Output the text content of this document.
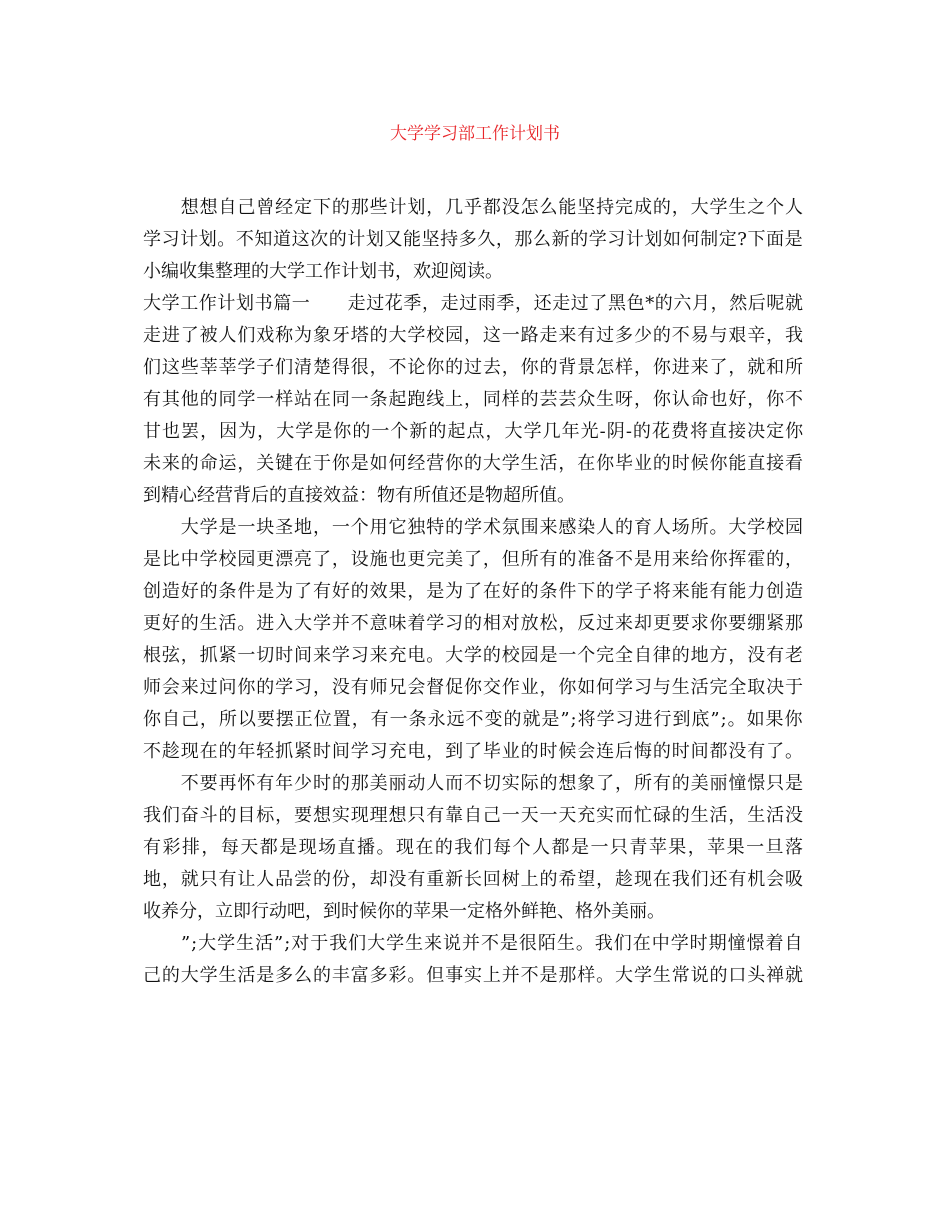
大学学习部工作计划书

　　想想自己曾经定下的那些计划，几乎都没怎么能坚持完成的，大学生之个人

学习计划。不知道这次的计划又能坚持多久，那么新的学习计划如何制定?下面是

小编收集整理的大学工作计划书，欢迎阅读。

大学工作计划书篇一　　走过花季，走过雨季，还走过了黑色*的六月，然后呢就

走进了被人们戏称为象牙塔的大学校园，这一路走来有过多少的不易与艰辛，我

们这些莘莘学子们清楚得很，不论你的过去，你的背景怎样，你进来了，就和所

有其他的同学一样站在同一条起跑线上，同样的芸芸众生呀，你认命也好，你不

甘也罢，因为，大学是你的一个新的起点，大学几年光-阴-的花费将直接决定你

未来的命运，关键在于你是如何经营你的大学生活，在你毕业的时候你能直接看

到精心经营背后的直接效益：物有所值还是物超所值。

　　大学是一块圣地，一个用它独特的学术氛围来感染人的育人场所。大学校园

是比中学校园更漂亮了，设施也更完美了，但所有的准备不是用来给你挥霍的，

创造好的条件是为了有好的效果，是为了在好的条件下的学子将来能有能力创造

更好的生活。进入大学并不意味着学习的相对放松，反过来却更要求你要绷紧那

根弦，抓紧一切时间来学习来充电。大学的校园是一个完全自律的地方，没有老

师会来过问你的学习，没有师兄会督促你交作业，你如何学习与生活完全取决于

你自己，所以要摆正位置，有一条永远不变的就是”;将学习进行到底”;。如果你

不趁现在的年轻抓紧时间学习充电，到了毕业的时候会连后悔的时间都没有了。

　　不要再怀有年少时的那美丽动人而不切实际的想象了，所有的美丽憧憬只是

我们奋斗的目标，要想实现理想只有靠自己一天一天充实而忙碌的生活，生活没

有彩排，每天都是现场直播。现在的我们每个人都是一只青苹果，苹果一旦落

地，就只有让人品尝的份，却没有重新长回树上的希望，趁现在我们还有机会吸

收养分，立即行动吧，到时候你的苹果一定格外鲜艳、格外美丽。

　　”;大学生活”;对于我们大学生来说并不是很陌生。我们在中学时期憧憬着自

己的大学生活是多么的丰富多彩。但事实上并不是那样。大学生常说的口头禅就
